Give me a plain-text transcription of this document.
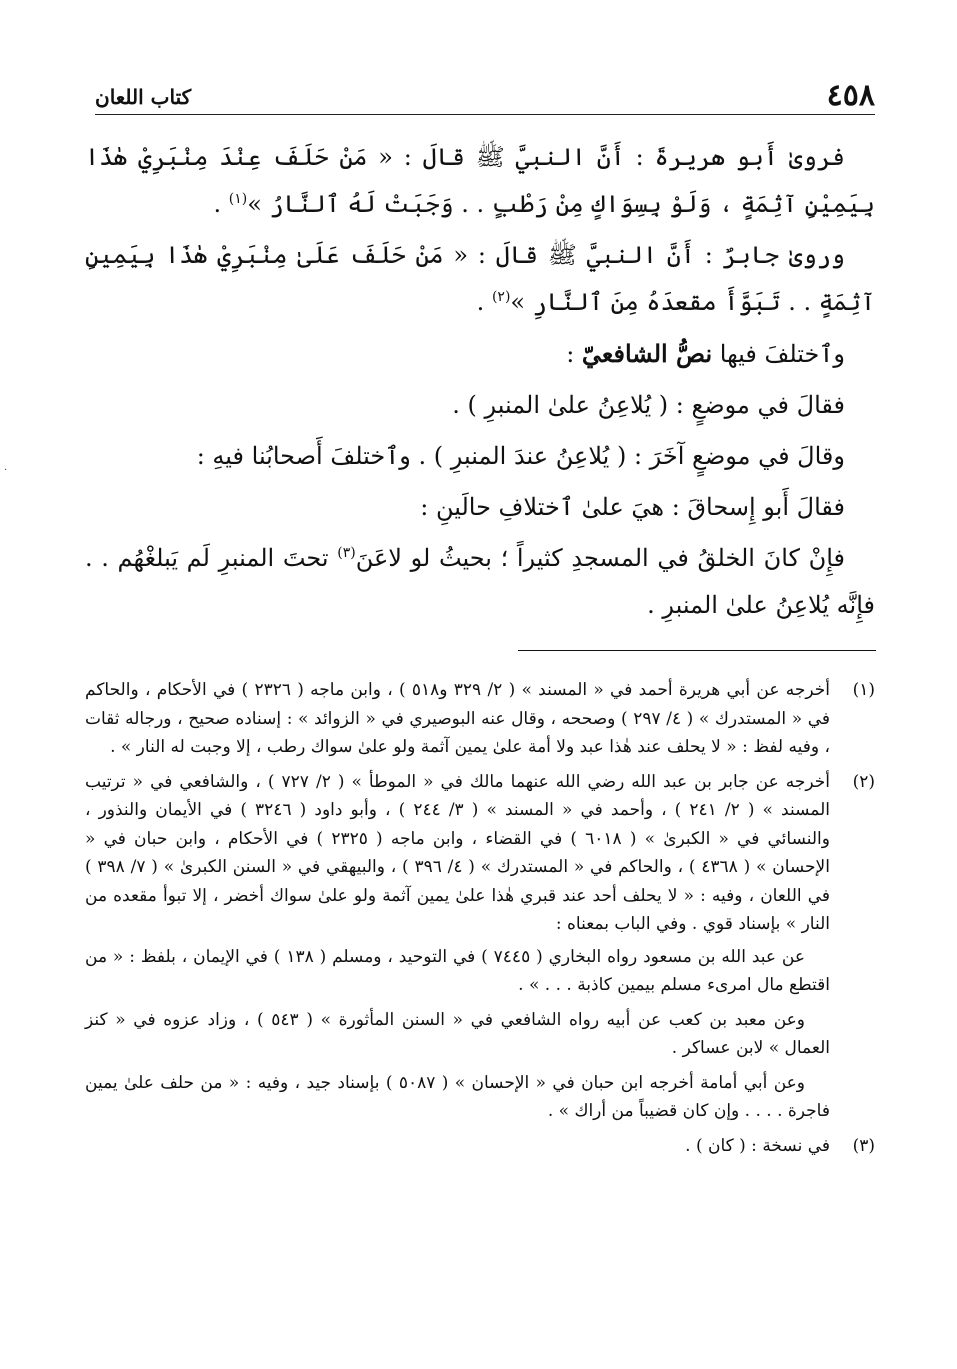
٤٥٨
كتاب اللعان

فروىٰ أَبو هريرةَ : أَنَّ النبيَّ ﷺ قالَ : « مَنْ حَلَفَ عِنْدَ مِنْبَرِيْ هٰذَا بِيَمِيْنٍ آثِمَةٍ ، وَلَوْ بِسِوَاكٍ مِنْ رَطْبٍ . . وَجَبَتْ لَهُ ٱلنَّارُ »$^{(١)}$ .

وروىٰ جابرٌ : أَنَّ النبيَّ ﷺ قالَ : « مَنْ حَلَفَ عَلَىٰ مِنْبَرِيْ هٰذَا بِيَمِينٍ آثِمَةٍ . . تَبَوَّأَ مقعدَهُ مِنَ ٱلنَّارِ »$^{(٢)}$ .

وٱختلفَ فيها نصُّ الشافعيّ :

فقالَ في موضعٍ : ( يُلاعِنُ علىٰ المنبرِ ) .

وقالَ في موضعٍ آخَرَ : ( يُلاعِنُ عندَ المنبرِ ) . وٱختلفَ أَصحابُنا فيهِ :

فقالَ أَبو إِسحاقَ : هيَ علىٰ ٱختلافِ حالَينِ :

فإِنْ كانَ الخلقُ في المسجدِ كثيراً ؛ بحيثُ لو لاعَنَ$^{(٣)}$ تحتَ المنبرِ لَم يَبلغْهُم . . فإِنَّه يُلاعِنُ علىٰ المنبرِ .

(١)

أخرجه عن أبي هريرة أحمد في « المسند » ( ٢/ ٣٢٩ و٥١٨ ) ، وابن ماجه ( ٢٣٢٦ ) في الأحكام ، والحاكم في « المستدرك » ( ٤/ ٢٩٧ ) وصححه ، وقال عنه البوصيري في « الزوائد » : إسناده صحيح ، ورجاله ثقات ، وفيه لفظ : « لا يحلف عند هٰذا عبد ولا أمة علىٰ يمين آثمة ولو علىٰ سواك رطب ، إلا وجبت له النار » .

(٢)

أخرجه عن جابر بن عبد الله رضي الله عنهما مالك في « الموطأ » ( ٢/ ٧٢٧ ) ، والشافعي في « ترتيب المسند » ( ٢/ ٢٤١ ) ، وأحمد في « المسند » ( ٣/ ٢٤٤ ) ، وأبو داود ( ٣٢٤٦ ) في الأيمان والنذور ، والنسائي في « الكبرىٰ » ( ٦٠١٨ ) في القضاء ، وابن ماجه ( ٢٣٢٥ ) في الأحكام ، وابن حبان في « الإحسان » ( ٤٣٦٨ ) ، والحاكم في « المستدرك » ( ٤/ ٣٩٦ ) ، والبيهقي في « السنن الكبرىٰ » ( ٧/ ٣٩٨ ) في اللعان ، وفيه : « لا يحلف أحد عند قبري هٰذا علىٰ يمين آثمة ولو علىٰ سواك أخضر ، إلا تبوأ مقعده من النار » بإسناد قوي . وفي الباب بمعناه :

عن عبد الله بن مسعود رواه البخاري ( ٧٤٤٥ ) في التوحيد ، ومسلم ( ١٣٨ ) في الإيمان ، بلفظ : « من اقتطع مال امرىء مسلم بيمين كاذبة . . . » .

وعن معبد بن كعب عن أبيه رواه الشافعي في « السنن المأثورة » ( ٥٤٣ ) ، وزاد عزوه في « كنز العمال » لابن عساكر .

وعن أبي أمامة أخرجه ابن حبان في « الإحسان » ( ٥٠٨٧ ) بإسناد جيد ، وفيه : « من حلف علىٰ يمين فاجرة . . . . وإن كان قضيباً من أراك » .

(٣)

في نسخة : ( كان ) .

·
